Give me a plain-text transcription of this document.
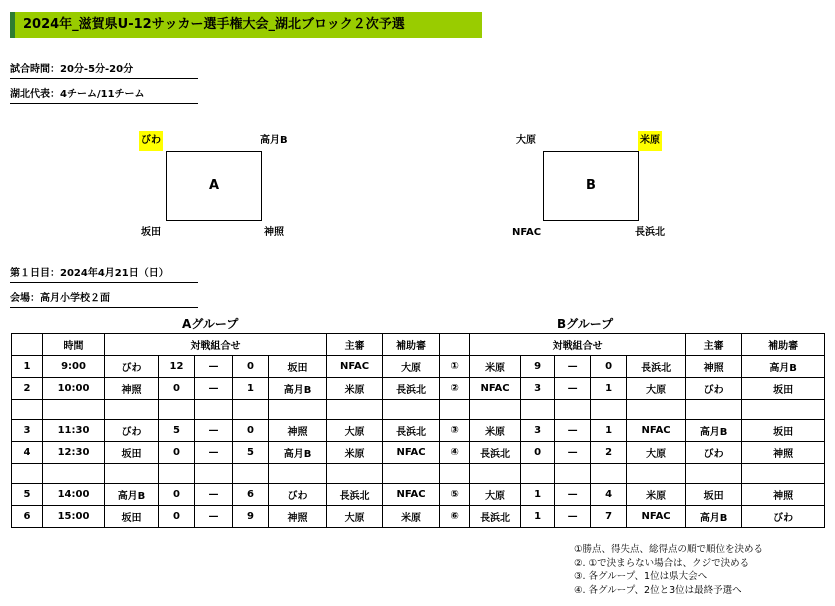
2024年_滋賀県U-12サッカー選手権大会_湖北ブロック２次予選
試合時間：20分-5分-20分
湖北代表：4チーム/11チーム
びわ	高月B
A
坂田	神照
大原	米原
B
NFAC	長浜北
第１日目：2024年4月21日（日）
会場：高月小学校２面
Aグループ	Bグループ
	時間	対戦組合せ					主審	補助審		対戦組合せ					主審	補助審
1	9:00	びわ	12	—	0	坂田	NFAC	大原	①	米原	9	—	0	長浜北	神照	高月B
2	10:00	神照	0	—	1	高月B	米原	長浜北	②	NFAC	3	—	1	大原	びわ	坂田

3	11:30	びわ	5	—	0	神照	大原	長浜北	③	米原	3	—	1	NFAC	高月B	坂田
4	12:30	坂田	0	—	5	高月B	米原	NFAC	④	長浜北	0	—	2	大原	びわ	神照

5	14:00	高月B	0	—	6	びわ	長浜北	NFAC	⑤	大原	1	—	4	米原	坂田	神照
6	15:00	坂田	0	—	9	神照	大原	米原	⑥	長浜北	1	—	7	NFAC	高月B	びわ
①勝点、得失点、総得点の順で順位を決める
②. ①で決まらない場合は、クジで決める
③. 各グループ、1位は県大会へ
④. 各グループ、2位と3位は最終予選へ
